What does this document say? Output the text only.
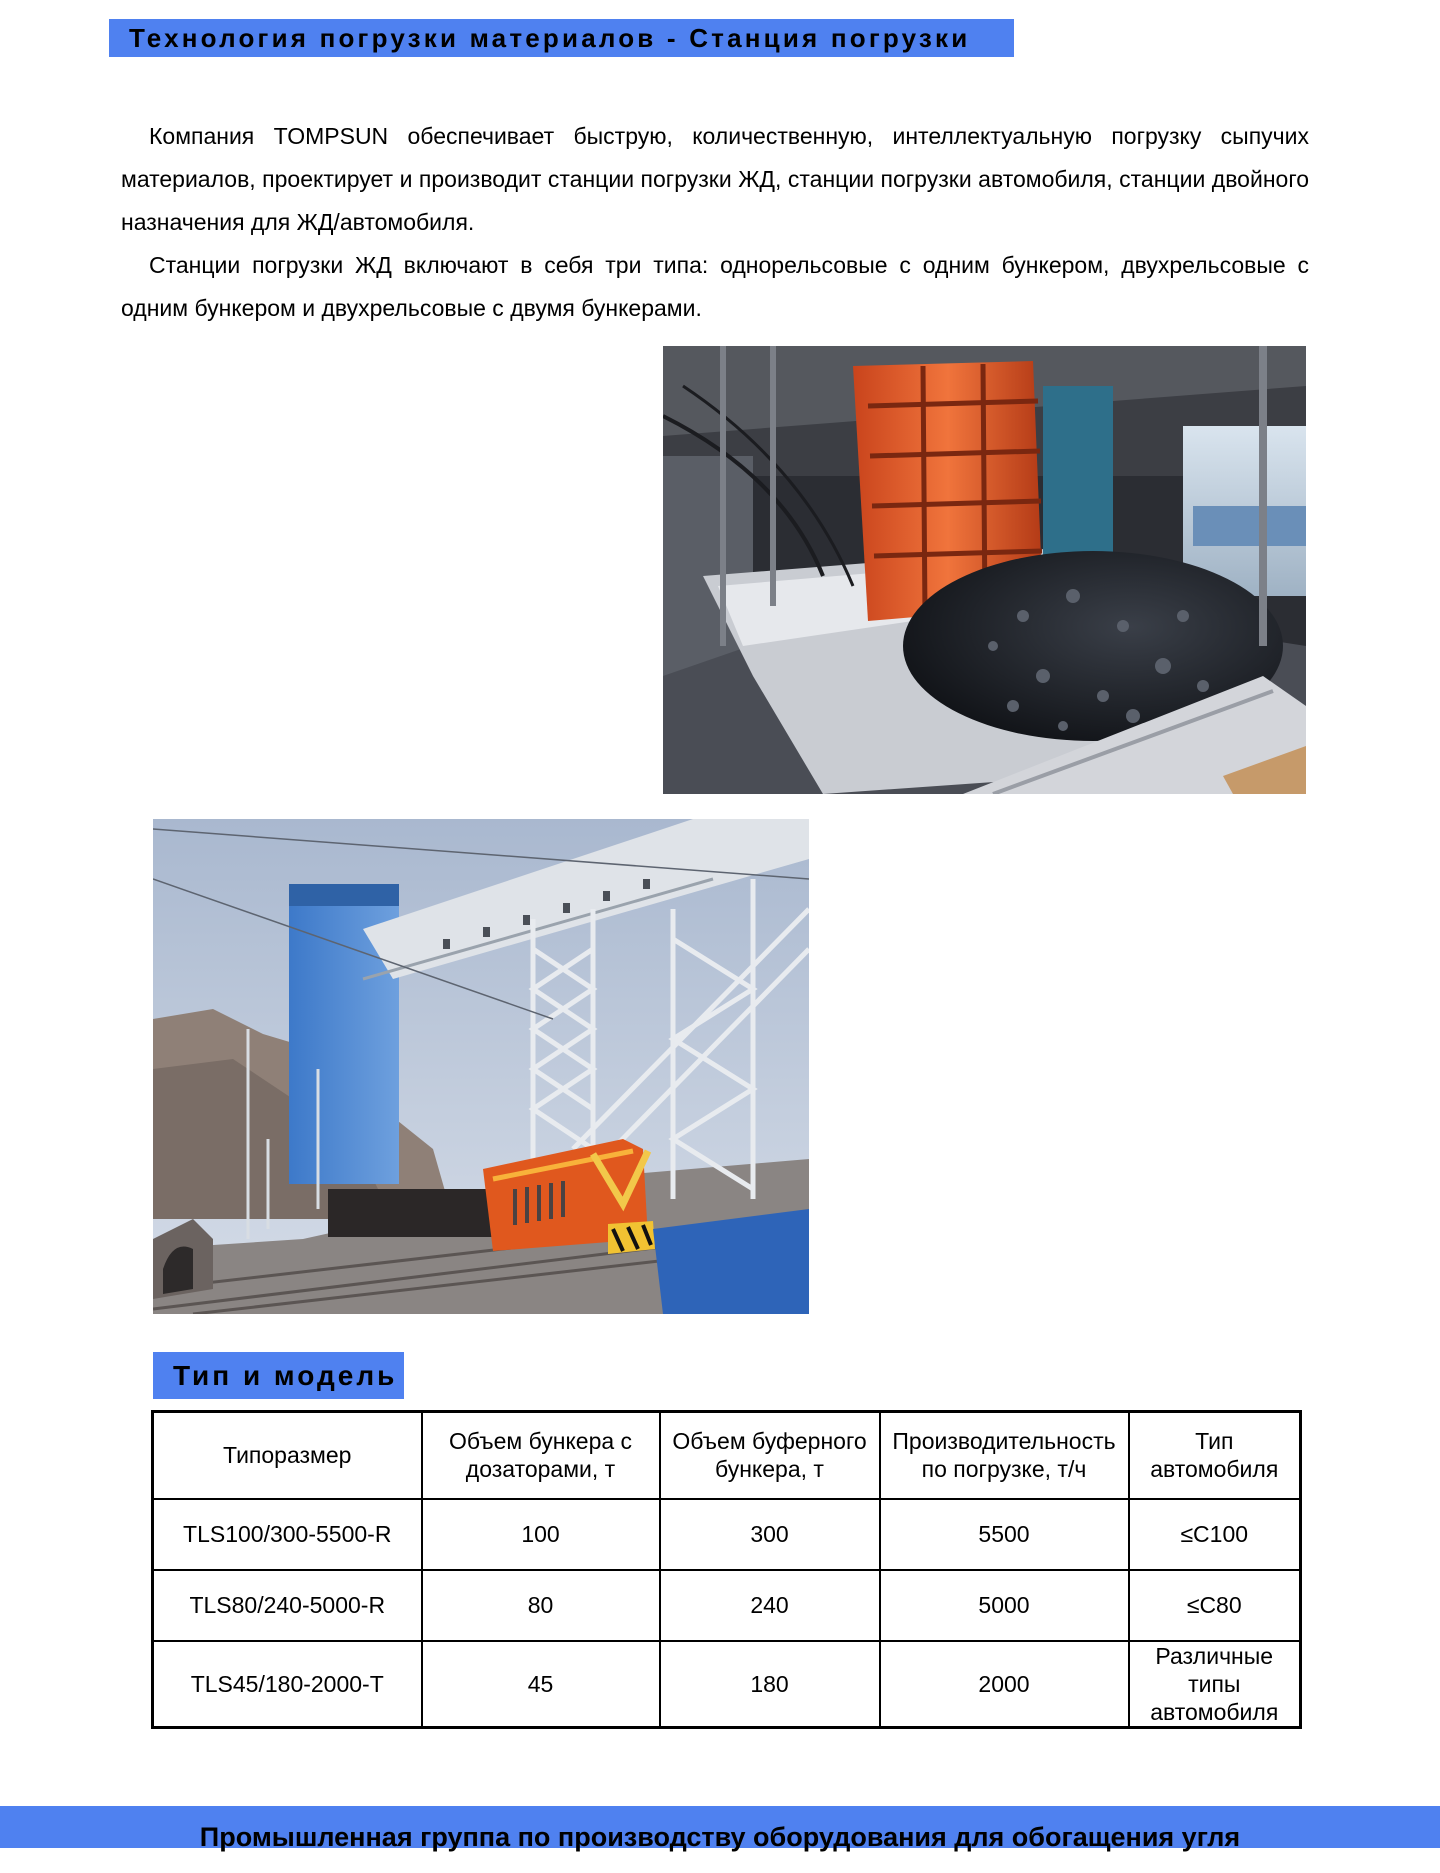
Технология погрузки материалов - Станция погрузки

Компания TOMPSUN обеспечивает быструю, количественную, интеллектуальную погрузку сыпучих материалов, проектирует и производит станции погрузки ЖД, станции погрузки автомобиля, станции двойного назначения для ЖД/автомобиля.

Станции погрузки ЖД включают в себя три типа: однорельсовые с одним бункером, двухрельсовые с одним бункером и двухрельсовые с двумя бункерами.

Тип и модель
Типоразмер	Объем бункера с дозаторами, т	Объем буферного бункера, т	Производительность по погрузке, т/ч	Тип автомобиля
TLS100/300-5500-R	100	300	5500	≤C100
TLS80/240-5000-R	80	240	5000	≤C80
TLS45/180-2000-T	45	180	2000	Различные типы автомобиля
Промышленная группа по производству оборудования для обогащения угля
